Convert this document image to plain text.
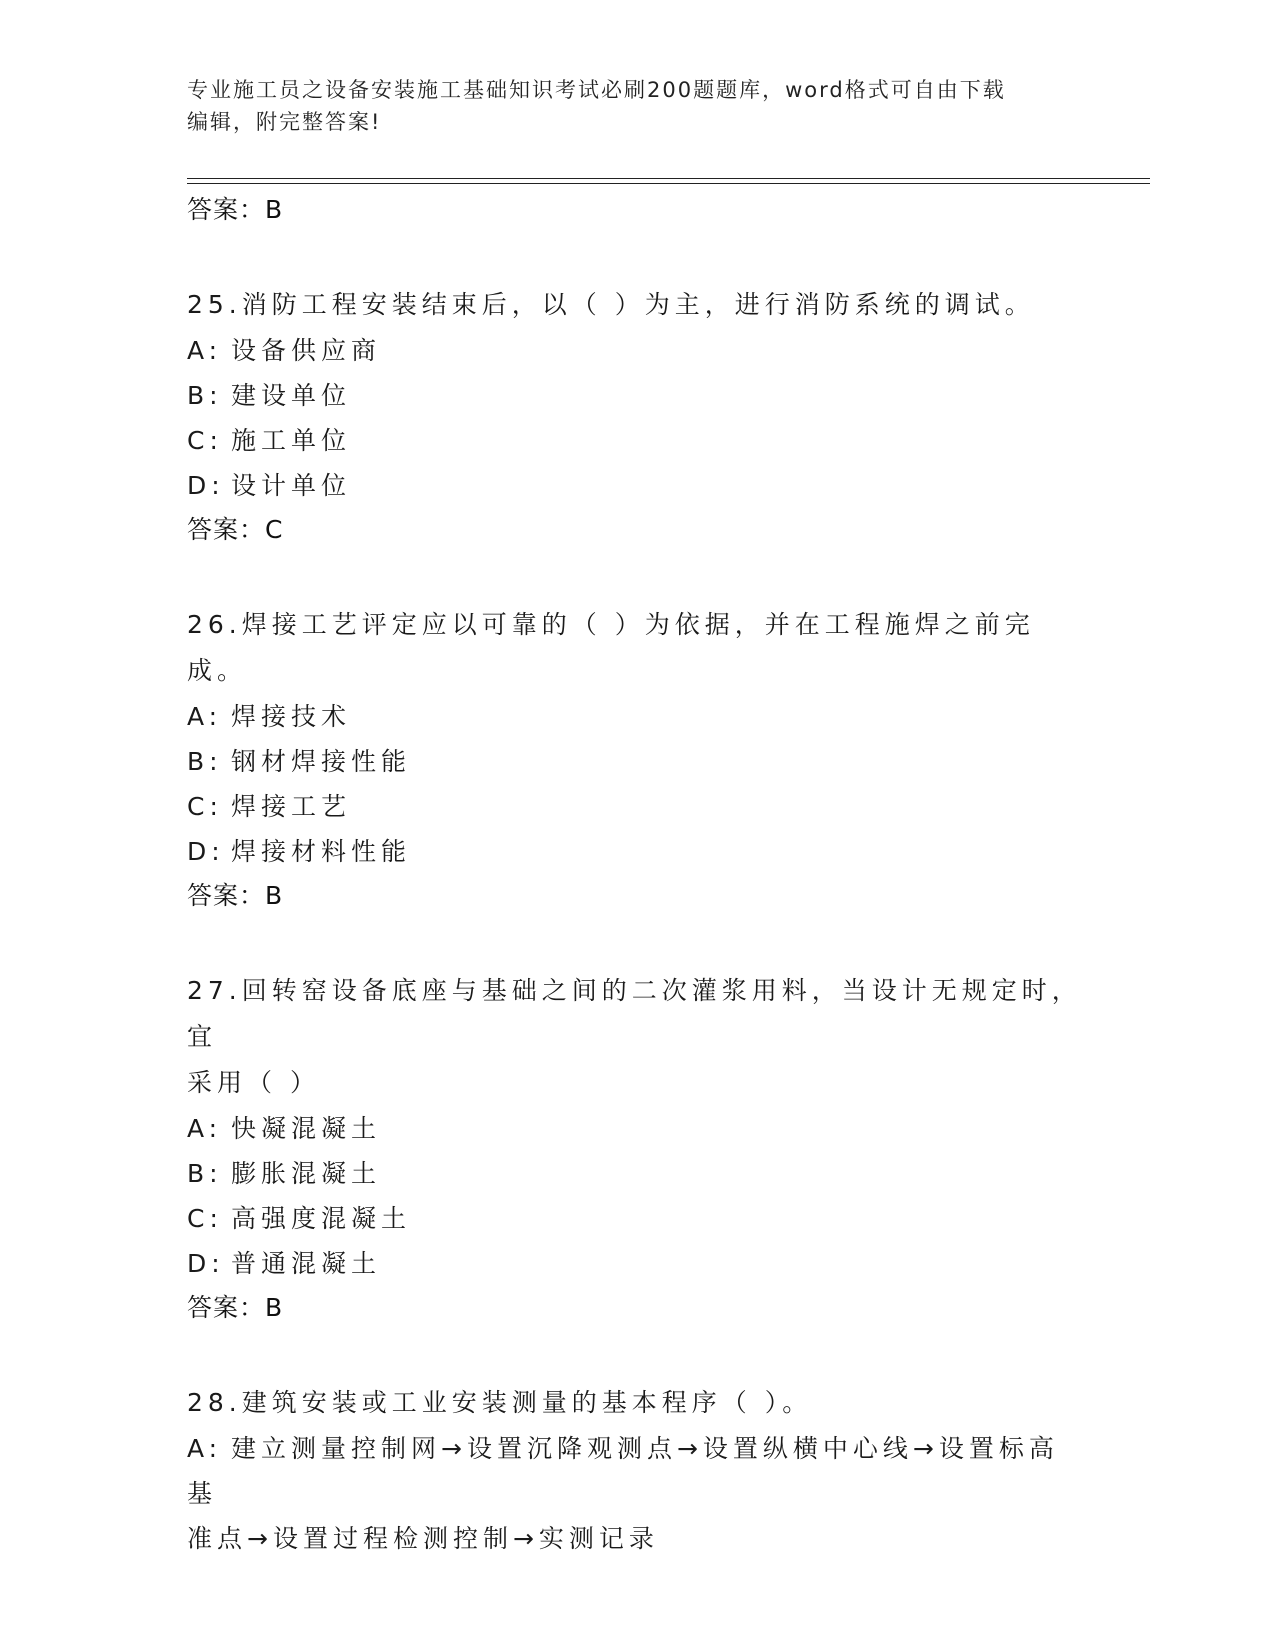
专业施工员之设备安装施工基础知识考试必刷200题题库，word格式可自由下载
编辑，附完整答案!
答案：B
25.消防工程安装结束后，以（ ）为主，进行消防系统的调试。
A: 设备供应商
B: 建设单位
C: 施工单位
D: 设计单位
答案：C
26.焊接工艺评定应以可靠的（ ）为依据，并在工程施焊之前完成。
A: 焊接技术
B: 钢材焊接性能
C: 焊接工艺
D: 焊接材料性能
答案：B
27.回转窑设备底座与基础之间的二次灌浆用料，当设计无规定时，宜
采用（ ）
A: 快凝混凝土
B: 膨胀混凝土
C: 高强度混凝土
D: 普通混凝土
答案：B
28.建筑安装或工业安装测量的基本程序（ ）。
A: 建立测量控制网→设置沉降观测点→设置纵横中心线→设置标高基
准点→设置过程检测控制→实测记录
